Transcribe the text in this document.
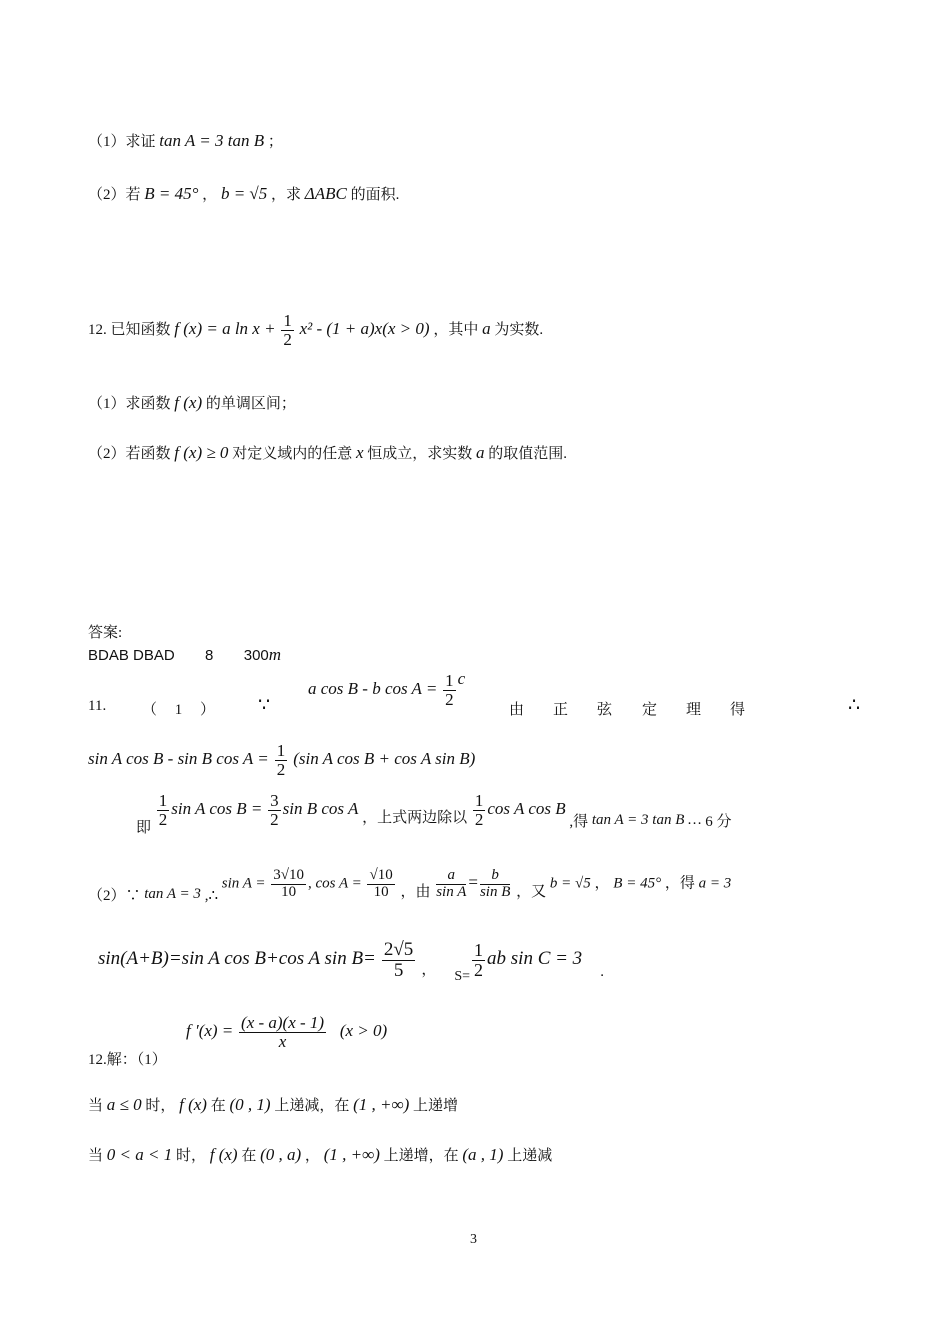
（1）求证 tan A = 3 tan B ；
（2）若 B = 45° ， b = √5 ，求 ΔABC 的面积.
12. 已知函数 f (x) = a $\ln x + \frac{1}{2} x^2 - (1 + a)x(x > 0)$ ，其中 a 为实数.
（1）求函数 f (x) 的单调区间；
（2）若函数 f (x) ≥ 0 对定义域内的任意 x 恒成立，求实数 a 的取值范围.
答案:
BDAB DBAD 8 300m
11. （ 1 ） ∵
a cos B - b $\cos A = \frac{1}{2}$ c
由 正 弦 定 理 得	∴
sin A cos B - sin B $\cos A = \frac{1}{2} (\sin$ A cos B + cos A sin B)
即 $\frac{1}{2}$ sin A $\cos B = \frac{3}{2}$ sin B cos A ，上式两边除以 $\frac{1}{2}$ cos A cos B ,得 tan A = 3 tan B … 6 分
（2）∵ tan A = 3 ,∴ $\sin A = \frac{3√10}{10}$ , $\cos A = \frac{√10}{10}$ ，由 $\frac{a}{\text{sin A}} = \frac{b}{\text{sin B}}$ ，又 b = √5 ， B = 45° ，得 a = 3
sin(A+B)=sin A cos B+cos A $\sin B= \frac{2√5}{5}$ ， $S= \frac{1}{2}$ ab sin C = 3 .
12.解：（1）
f $'(x) = \frac{(x - a)(x - 1)}{x} (x > 0)$
当 a ≤ 0 时， f (x) 在 (0 , 1) 上递减，在 (1 , +∞) 上递增
当 0 < a < 1 时， f (x) 在 (0 , a) ， (1 , +∞) 上递增，在 (a , 1) 上递减
3
